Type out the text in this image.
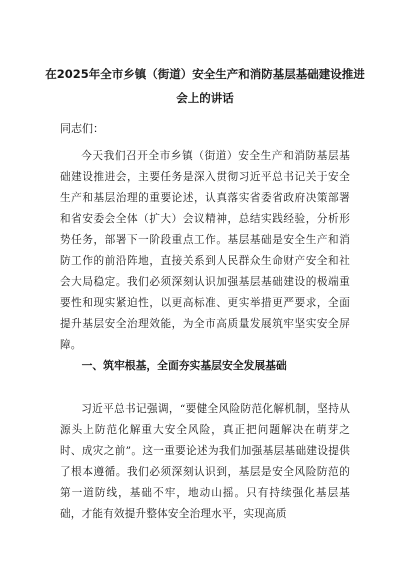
在2025年全市乡镇（街道）安全生产和消防基层基础建设推进会上的讲话

同志们：

今天我们召开全市乡镇（街道）安全生产和消防基层基础建设推进会，主要任务是深入贯彻习近平总书记关于安全生产和基层治理的重要论述，认真落实省委省政府决策部署和省安委会全体（扩大）会议精神，总结实践经验，分析形势任务，部署下一阶段重点工作。基层基础是安全生产和消防工作的前沿阵地，直接关系到人民群众生命财产安全和社会大局稳定。我们必须深刻认识加强基层基础建设的极端重要性和现实紧迫性，以更高标准、更实举措更严要求，全面提升基层安全治理效能，为全市高质量发展筑牢坚实安全屏障。

一、筑牢根基，全面夯实基层安全发展基础

习近平总书记强调，“要健全风险防范化解机制，坚持从源头上防范化解重大安全风险，真正把问题解决在萌芽之时、成灾之前”。这一重要论述为我们加强基层基础建设提供了根本遵循。我们必须深刻认识到，基层是安全风险防范的第一道防线，基础不牢，地动山摇。只有持续强化基层基础，才能有效提升整体安全治理水平，实现高质
